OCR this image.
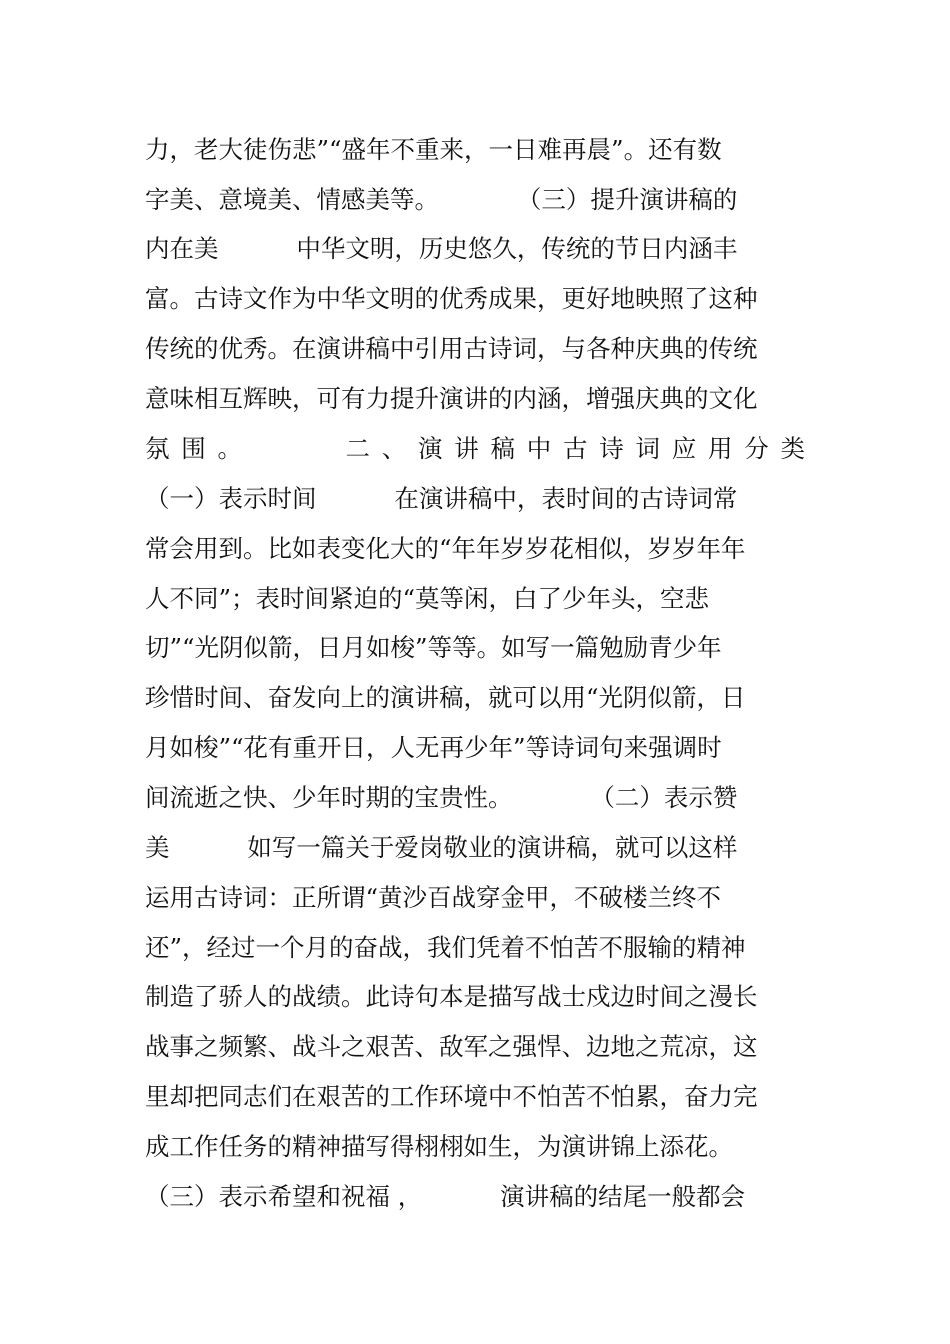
力，老大徒伤悲”“盛年不重来，一日难再晨”。还有数
字美、意境美、情感美等。          （三）提升演讲稿的
内在美          中华文明，历史悠久，传统的节日内涵丰
富。古诗文作为中华文明的优秀成果，更好地映照了这种
传统的优秀。在演讲稿中引用古诗词，与各种庆典的传统
意味相互辉映，可有力提升演讲的内涵，增强庆典的文化
氛 围 。	二 、 演 讲 稿 中 古 诗 词 应 用 分 类
（一）表示时间          在演讲稿中，表时间的古诗词常
常会用到。比如表变化大的“年年岁岁花相似，岁岁年年
人不同”；表时间紧迫的“莫等闲，白了少年头，空悲
切”“光阴似箭，日月如梭”等等。如写一篇勉励青少年
珍惜时间、奋发向上的演讲稿，就可以用“光阴似箭，日
月如梭”“花有重开日，人无再少年”等诗词句来强调时
间流逝之快、少年时期的宝贵性。          （二）表示赞
美          如写一篇关于爱岗敬业的演讲稿，就可以这样
运用古诗词：正所谓“黄沙百战穿金甲，不破楼兰终不
还”，经过一个月的奋战，我们凭着不怕苦不服输的精神
制造了骄人的战绩。此诗句本是描写战士戍边时间之漫长
战事之频繁、战斗之艰苦、敌军之强悍、边地之荒凉，这
里却把同志们在艰苦的工作环境中不怕苦不怕累，奋力完
成工作任务的精神描写得栩栩如生，为演讲锦上添花。
（三）表示希望和祝福 ，          演讲稿的结尾一般都会
